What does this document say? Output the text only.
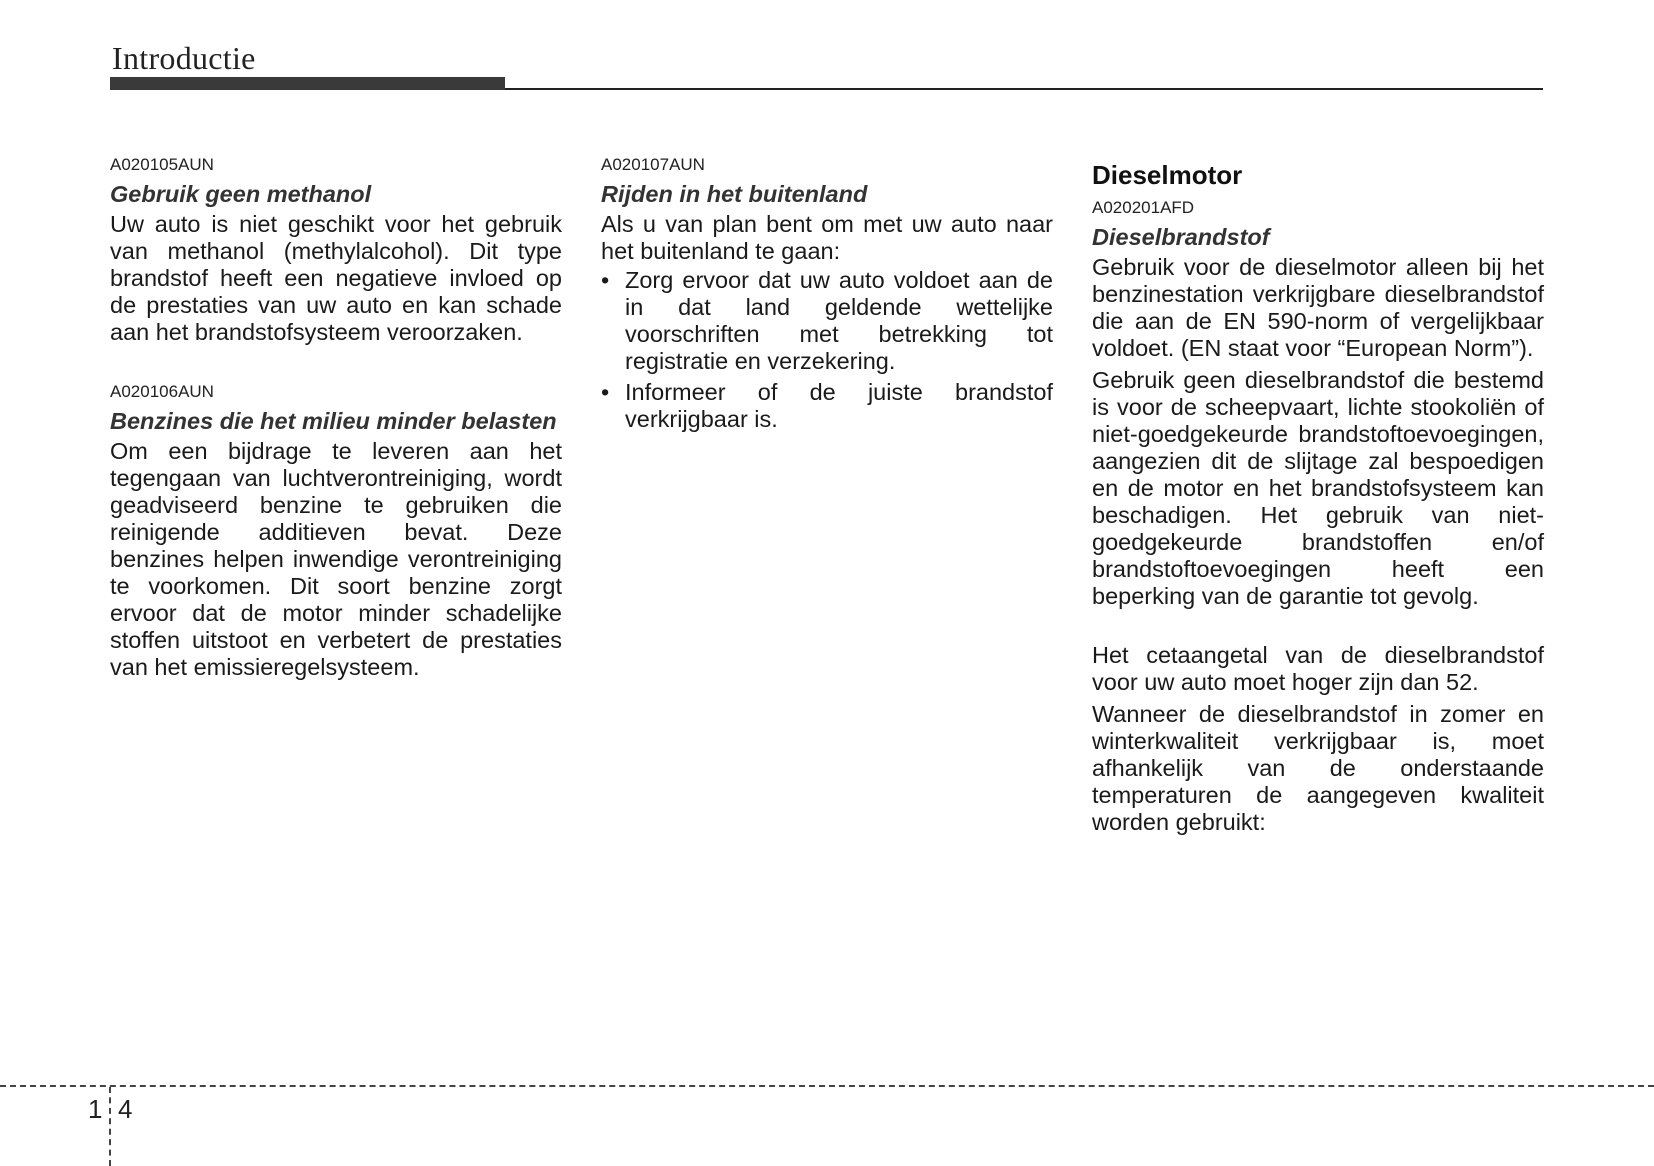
Introductie
A020105AUN
Gebruik geen methanol

Uw auto is niet geschikt voor het gebruik van methanol (methylalcohol). Dit type brandstof heeft een negatieve invloed op de prestaties van uw auto en kan schade aan het brandstofsysteem veroorzaken.

A020106AUN
Benzines die het milieu minder belasten

Om een bijdrage te leveren aan het tegengaan van luchtverontreiniging, wordt geadviseerd benzine te gebruiken die reinigende additieven bevat. Deze benzines helpen inwendige verontreiniging te voorkomen. Dit soort benzine zorgt ervoor dat de motor minder schadelijke stoffen uitstoot en verbetert de prestaties van het emissieregelsysteem.

A020107AUN
Rijden in het buitenland

Als u van plan bent om met uw auto naar het buitenland te gaan:

• Zorg ervoor dat uw auto voldoet aan de in dat land geldende wettelijke voorschriften met betrekking tot registratie en verzekering.
• Informeer of de juiste brandstof verkrijgbaar is.
Dieselmotor
A020201AFD
Dieselbrandstof

Gebruik voor de dieselmotor alleen bij het benzinestation verkrijgbare dieselbrandstof die aan de EN 590-norm of vergelijkbaar voldoet. (EN staat voor “European Norm”).

Gebruik geen dieselbrandstof die bestemd is voor de scheepvaart, lichte stookoliën of niet-goedgekeurde brandstoftoevoegingen, aangezien dit de slijtage zal bespoedigen en de motor en het brandstofsysteem kan beschadigen. Het gebruik van niet-goedgekeurde brandstoffen en/of brandstoftoevoegingen heeft een beperking van de garantie tot gevolg.

Het cetaangetal van de dieselbrandstof voor uw auto moet hoger zijn dan 52.

Wanneer de dieselbrandstof in zomer en winterkwaliteit verkrijgbaar is, moet afhankelijk van de onderstaande temperaturen de aangegeven kwaliteit worden gebruikt:

1 4
